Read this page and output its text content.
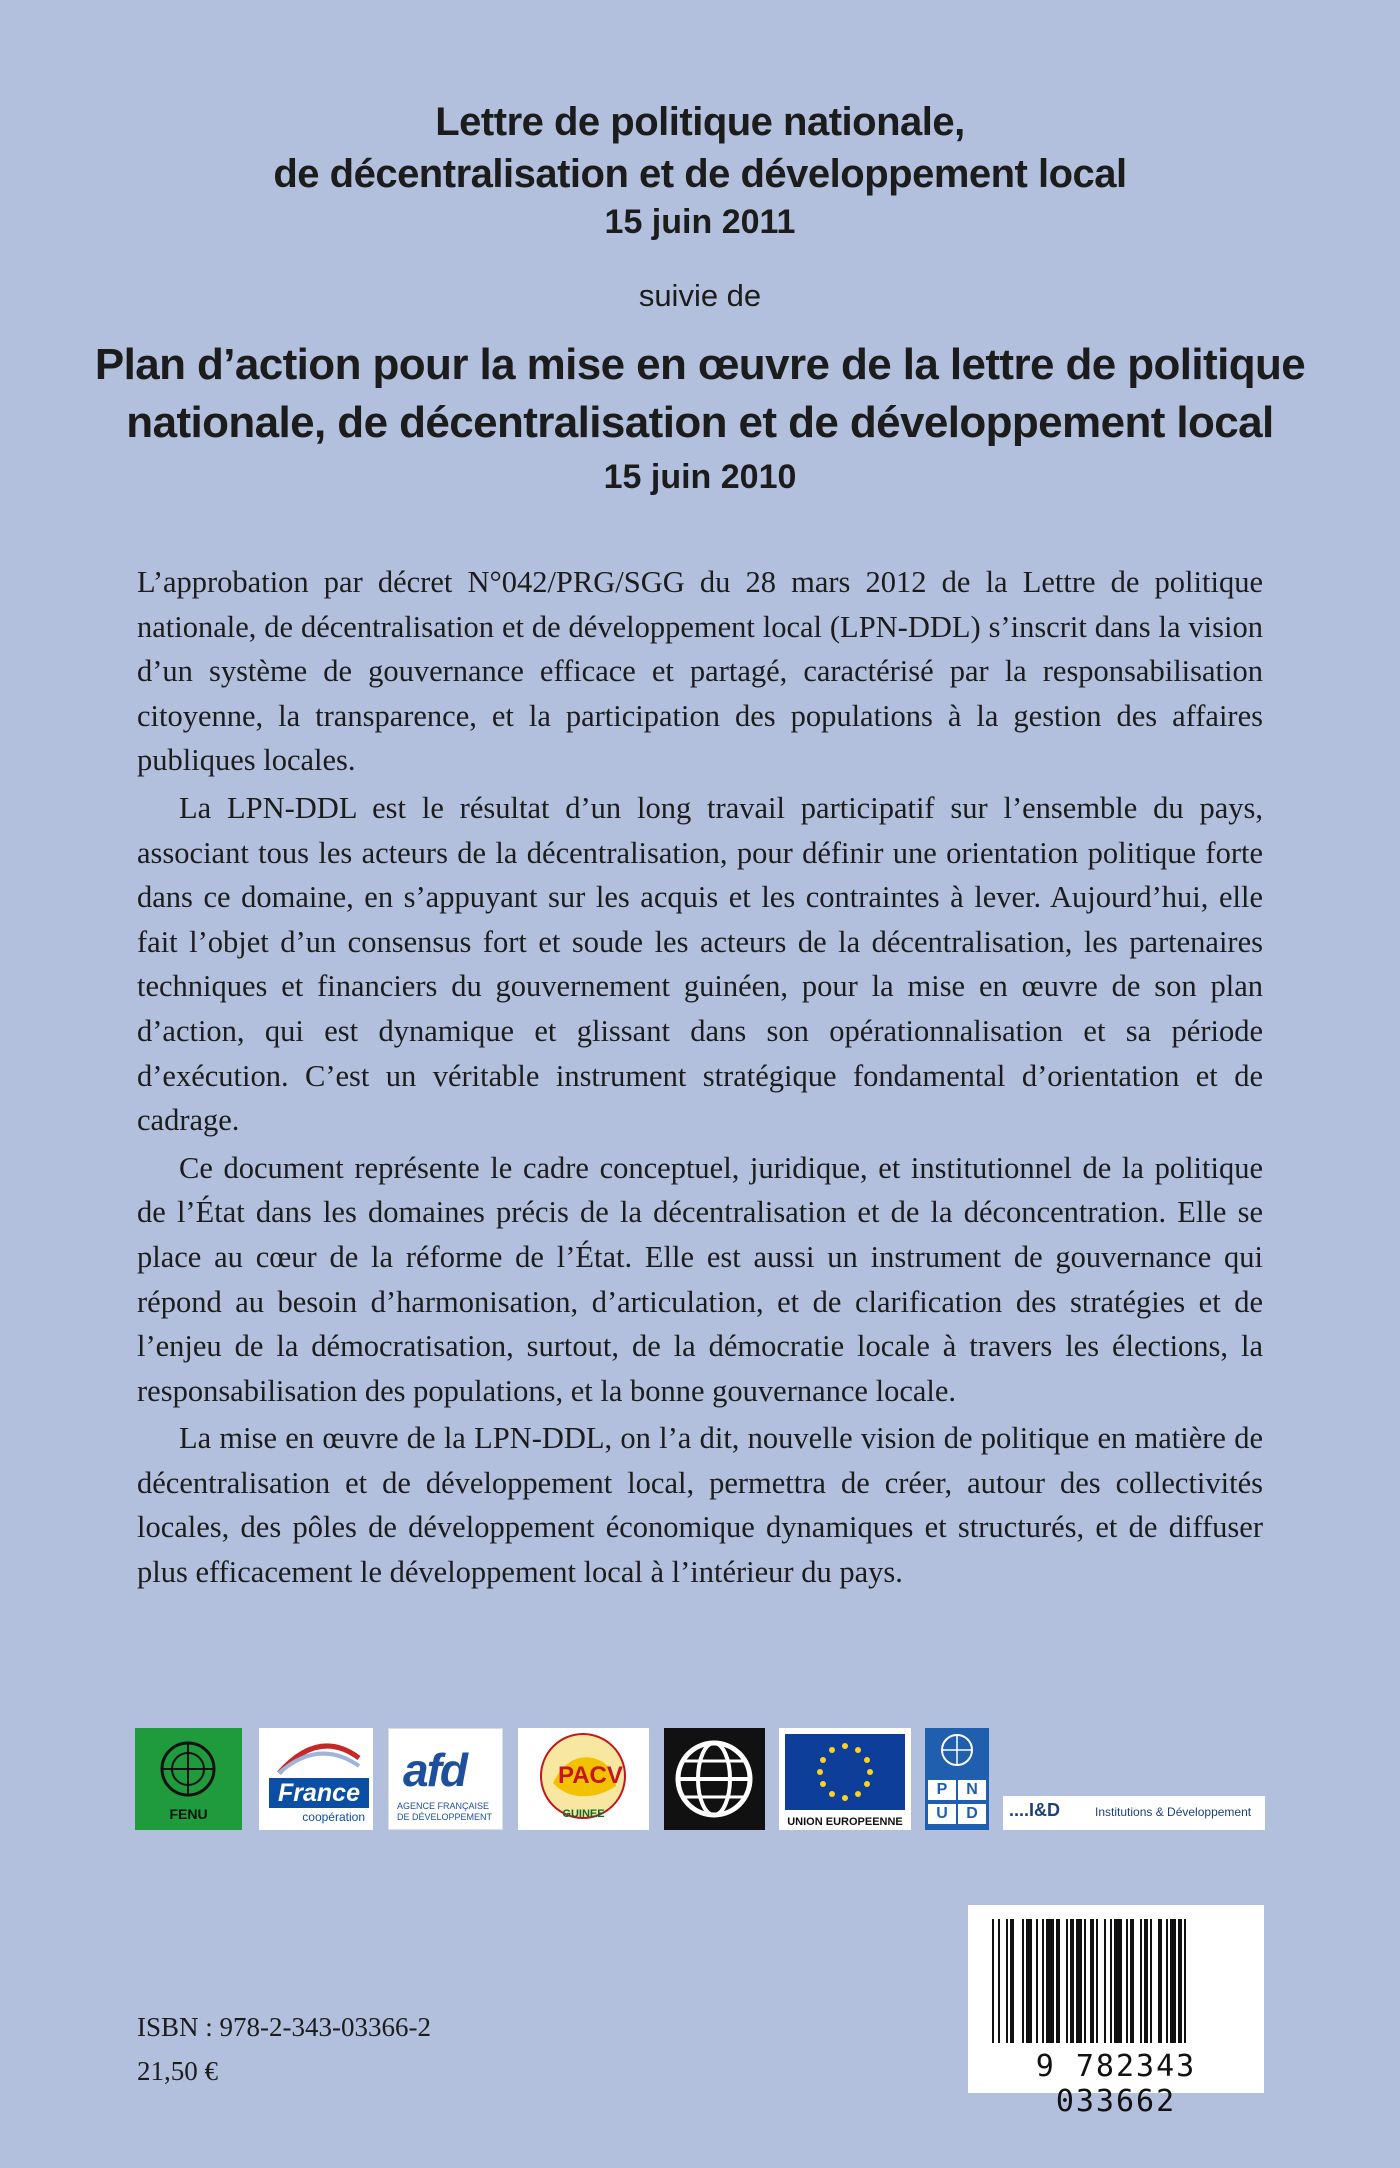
Lettre de politique nationale,
de décentralisation et de développement local
15 juin 2011
suivie de
Plan d’action pour la mise en œuvre de la lettre de politique
nationale, de décentralisation et de développement local
15 juin 2010

L’approbation par décret N°042/PRG/SGG du 28 mars 2012 de la Lettre de politique nationale, de décentralisation et de développement local (LPN-DDL) s’inscrit dans la vision d’un système de gouvernance efficace et partagé, caractérisé par la responsabilisation citoyenne, la transparence, et la participation des populations à la gestion des affaires publiques locales.

La LPN-DDL est le résultat d’un long travail participatif sur l’ensemble du pays, associant tous les acteurs de la décentralisation, pour définir une orientation politique forte dans ce domaine, en s’appuyant sur les acquis et les contraintes à lever. Aujourd’hui, elle fait l’objet d’un consensus fort et soude les acteurs de la décentralisation, les partenaires techniques et financiers du gouvernement guinéen, pour la mise en œuvre de son plan d’action, qui est dynamique et glissant dans son opérationnalisation et sa période d’exécution. C’est un véritable instrument stratégique fondamental d’orientation et de cadrage.

Ce document représente le cadre conceptuel, juridique, et institutionnel de la politique de l’État dans les domaines précis de la décentralisation et de la déconcentration. Elle se place au cœur de la réforme de l’État. Elle est aussi un instrument de gouvernance qui répond au besoin d’harmonisation, d’articulation, et de clarification des stratégies et de l’enjeu de la démocratisation, surtout, de la démocratie locale à travers les élections, la responsabilisation des populations, et la bonne gouvernance locale.

La mise en œuvre de la LPN-DDL, on l’a dit, nouvelle vision de politique en matière de décentralisation et de développement local, permettra de créer, autour des collectivités locales, des pôles de développement économique dynamiques et structurés, et de diffuser plus efficacement le développement local à l’intérieur du pays.

FENU
France
coopération
afd
AGENCE FRANÇAISE
DE DÉVELOPPEMENT
PACV
GUINEE
UNION EUROPEENNE
P	N
U	D	....I&D	Institutions & Développement
ISBN : 978-2-343-03366-2
21,50 €	9 782343 033662
